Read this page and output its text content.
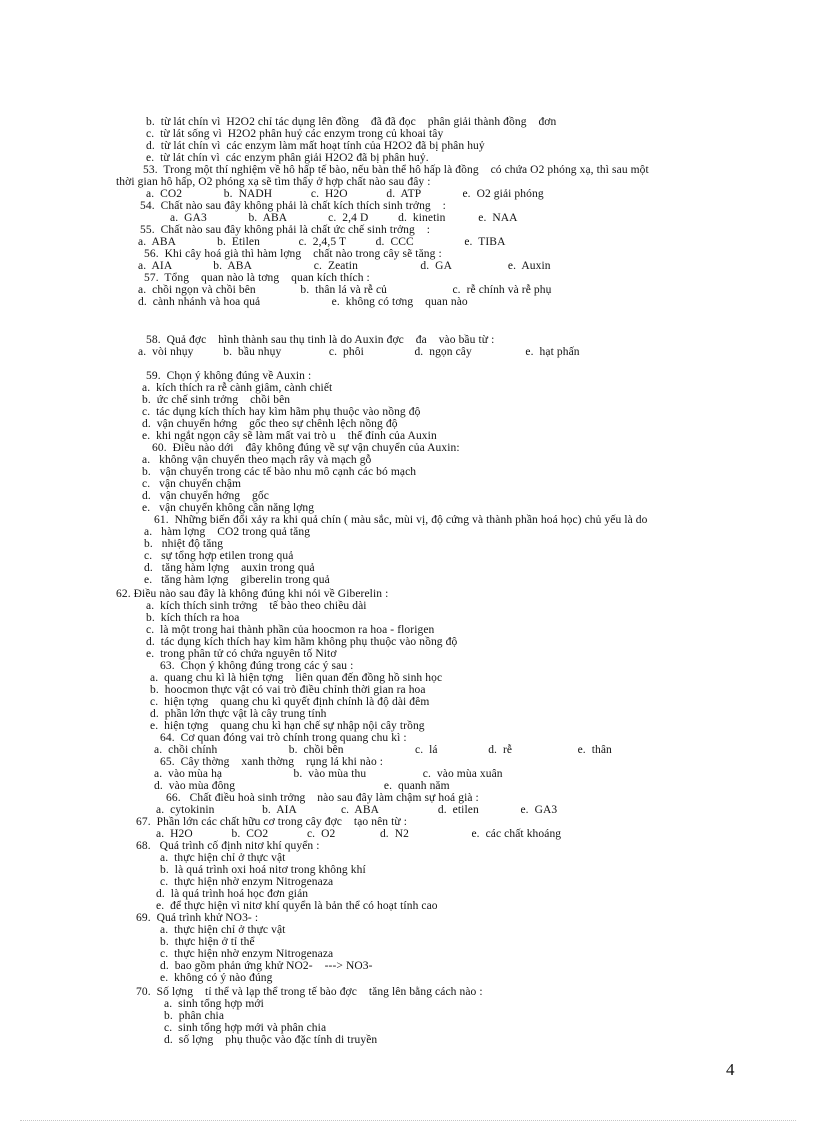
b.  từ lát chín vì  H2O2 chỉ tác dụng lên đồng    đã đã đọc    phân giải thành đồng    đơn
c.  từ lát sống vì  H2O2 phân huỷ các enzym trong củ khoai tây
d.  từ lát chín vì  các enzym làm mất hoạt tính của H2O2 đã bị phân huỷ
e.  từ lát chín vì  các enzym phân giải H2O2 đã bị phân huỷ.
53.  Trong một thí nghiệm về hô hấp tế bào, nếu bàn thể hô hấp là đồng    có chứa O2 phóng xạ, thì sau một
thời gian hô hấp, O2 phóng xạ sẽ tìm thấy ở hợp chất nào sau đây :
a.  CO2              b.  NADH             c.  H2O             d.  ATP              e.  O2 giải phóng
54.  Chất nào sau đây không phải là chất kích thích sinh trởng    :
a.  GA3              b.  ABA              c.  2,4 D          d.  kinetin           e.  NAA
55.  Chất nào sau đây không phải là chất ức chế sinh trởng    :
a.  ABA              b.  Etilen             c.  2,4,5 T          d.  CCC                 e.  TIBA
56.  Khi cây hoá già thì hàm lợng    chất nào trong cây sẽ tăng :
a.  AIA              b.  ABA                     c.  Zeatin                     d.  GA                   e.  Auxin
57.  Tổng    quan nào là tơng    quan kích thích :
a.  chồi ngọn và chồi bên               b.  thân lá và rễ củ                      c.  rễ chính và rễ phụ
d.  cành nhánh và hoa quả                        e.  không có tơng    quan nào
58.  Quả đợc    hình thành sau thụ tinh là do Auxin đợc    đa    vào bầu từ :
a.  vòi nhụy          b.  bầu nhụy                c.  phôi                 d.  ngọn cây                  e.  hạt phấn
59.  Chọn ý không đúng về Auxin :
a.  kích thích ra rễ cành giâm, cành chiết
b.  ức chế sinh trởng    chồi bên
c.  tác dụng kích thích hay kìm hãm phụ thuộc vào nồng độ
d.  vận chuyển hớng    gốc theo sự chênh lệch nồng độ
e.  khi ngắt ngọn cây sẽ làm mất vai trò u    thế đỉnh của Auxin
60.  Điều nào dới    đây không đúng về sự vận chuyển của Auxin:
a.   không vận chuyển theo mạch rây và mạch gỗ
b.   vận chuyển trong các tế bào nhu mô cạnh các bó mạch
c.   vận chuyển chậm
d.   vận chuyển hớng    gốc
e.   vận chuyển không cần năng lợng
61.  Những biến đổi xảy ra khi quả chín ( màu sắc, mùi vị, độ cứng và thành phần hoá học) chủ yếu là do
a.   hàm lợng    CO2 trong quả tăng
b.   nhiệt độ tăng
c.   sự tổng hợp etilen trong quả
d.   tăng hàm lợng    auxin trong quả
e.   tăng hàm lợng    giberelin trong quả
62. Điều nào sau đây là không đúng khi nói về Giberelin :
a.  kích thích sinh trởng    tế bào theo chiều dài
b.  kích thích ra hoa
c.  là một trong hai thành phần của hoocmon ra hoa - florigen
d.  tác dụng kích thích hay kìm hãm không phụ thuộc vào nồng độ
e.  trong phân tử có chứa nguyên tố Nitơ
63.  Chọn ý không đúng trong các ý sau :
a.  quang chu kì là hiện tợng    liên quan đến đồng hồ sinh học
b.  hoocmon thực vật có vai trò điều chỉnh thời gian ra hoa
c.  hiện tợng    quang chu kì quyết định chính là độ dài đêm
d.  phần lớn thực vật là cây trung tính
e.  hiện tợng    quang chu kì hạn chế sự nhập nội cây trồng
64.  Cơ quan đóng vai trò chính trong quang chu kì :
a.  chồi chính                        b.  chồi bên                        c.  lá                 d.  rễ                      e.  thân
65.  Cây thờng    xanh thờng    rụng lá khi nào :
a.  vào mùa hạ                        b.  vào mùa thu                   c.  vào mùa xuân
d.  vào mùa đông                                                  e.  quanh năm
66.   Chất điều hoà sinh trởng    nào sau đây làm chậm sự hoá già :
a.  cytokinin                b.  AIA               c.  ABA                    d.  etilen              e.  GA3
67.  Phần lớn các chất hữu cơ trong cây đợc    tạo nên từ :
a.  H2O             b.  CO2             c.  O2               d.  N2                     e.  các chất khoáng
68.   Quá trình cố định nitơ khí quyển :
a.  thực hiện chỉ ở thực vật
b.  là quá trình oxi hoá nitơ trong không khí
c.  thực hiện nhờ enzym Nitrogenaza
d.  là quá trình hoá học đơn giản
e.  để thực hiện vì nitơ khí quyển là bản thể có hoạt tính cao
69.  Quá trình khử NO3- :
a.  thực hiện chỉ ở thực vật
b.  thực hiện ở tỉ thể
c.  thực hiện nhờ enzym Nitrogenaza
d.  bao gồm phản ứng khử NO2-    ---> NO3-
e.  không có ý nào đúng
70.  Số lợng    tỉ thể và lạp thể trong tế bào đợc    tăng lên bằng cách nào :
a.  sinh tổng hợp mới
b.  phân chia
c.  sinh tổng hợp mới và phân chia
d.  số lợng    phụ thuộc vào đặc tính di truyền
4
